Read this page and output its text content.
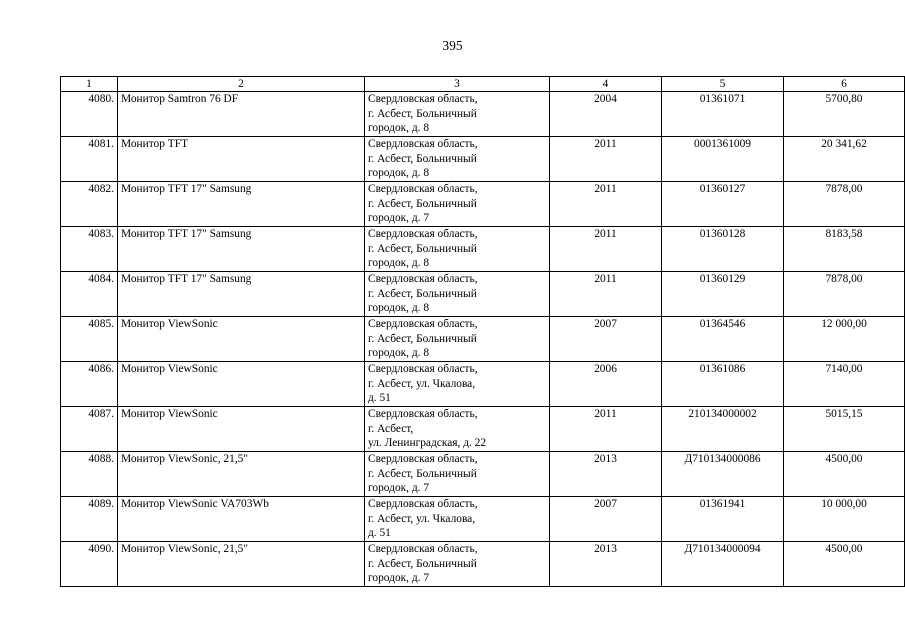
395
1	2	3	4	5	6
4080.	Монитор Samtron 76 DF	Свердловская область,
г. Асбест, Больничный
городок, д. 8	2004	01361071	5700,80
4081.	Монитор TFT	Свердловская область,
г. Асбест, Больничный
городок, д. 8	2011	0001361009	20 341,62
4082.	Монитор TFT 17" Samsung	Свердловская область,
г. Асбест, Больничный
городок, д. 7	2011	01360127	7878,00
4083.	Монитор TFT 17" Samsung	Свердловская область,
г. Асбест, Больничный
городок, д. 8	2011	01360128	8183,58
4084.	Монитор TFT 17" Samsung	Свердловская область,
г. Асбест, Больничный
городок, д. 8	2011	01360129	7878,00
4085.	Монитор ViewSonic	Свердловская область,
г. Асбест, Больничный
городок, д. 8	2007	01364546	12 000,00
4086.	Монитор ViewSonic	Свердловская область,
г. Асбест, ул. Чкалова,
д. 51	2006	01361086	7140,00
4087.	Монитор ViewSonic	Свердловская область,
г. Асбест,
ул. Ленинградская, д. 22	2011	210134000002	5015,15
4088.	Монитор ViewSonic, 21,5"	Свердловская область,
г. Асбест, Больничный
городок, д. 7	2013	Д710134000086	4500,00
4089.	Монитор ViewSonic VA703Wb	Свердловская область,
г. Асбест, ул. Чкалова,
д. 51	2007	01361941	10 000,00
4090.	Монитор ViewSonic, 21,5"	Свердловская область,
г. Асбест, Больничный
городок, д. 7	2013	Д710134000094	4500,00
